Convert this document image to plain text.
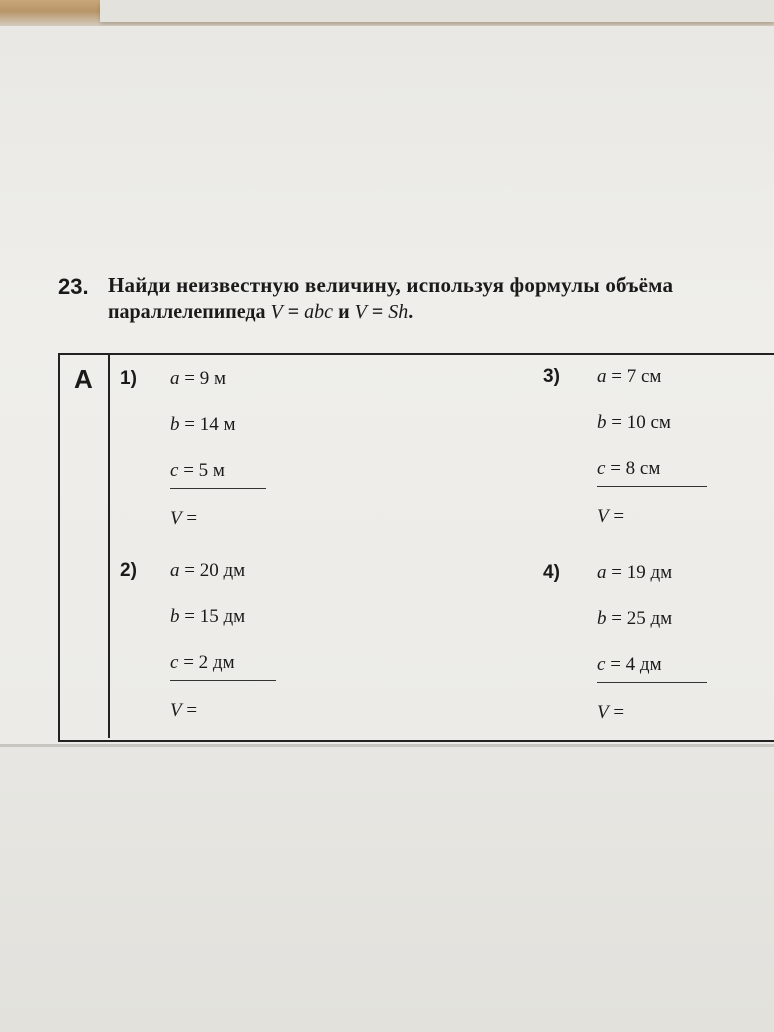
23. Найди неизвестную величину, используя формулы объёма
параллелепипеда V = abc и V = Sh.
А 1) a = 9 м
b = 14 м
c = 5 м
V =
2) a = 20 дм
b = 15 дм
c = 2 дм
V =
3) a = 7 см
b = 10 см
c = 8 см
V =
4) a = 19 дм
b = 25 дм
c = 4 дм
V =
